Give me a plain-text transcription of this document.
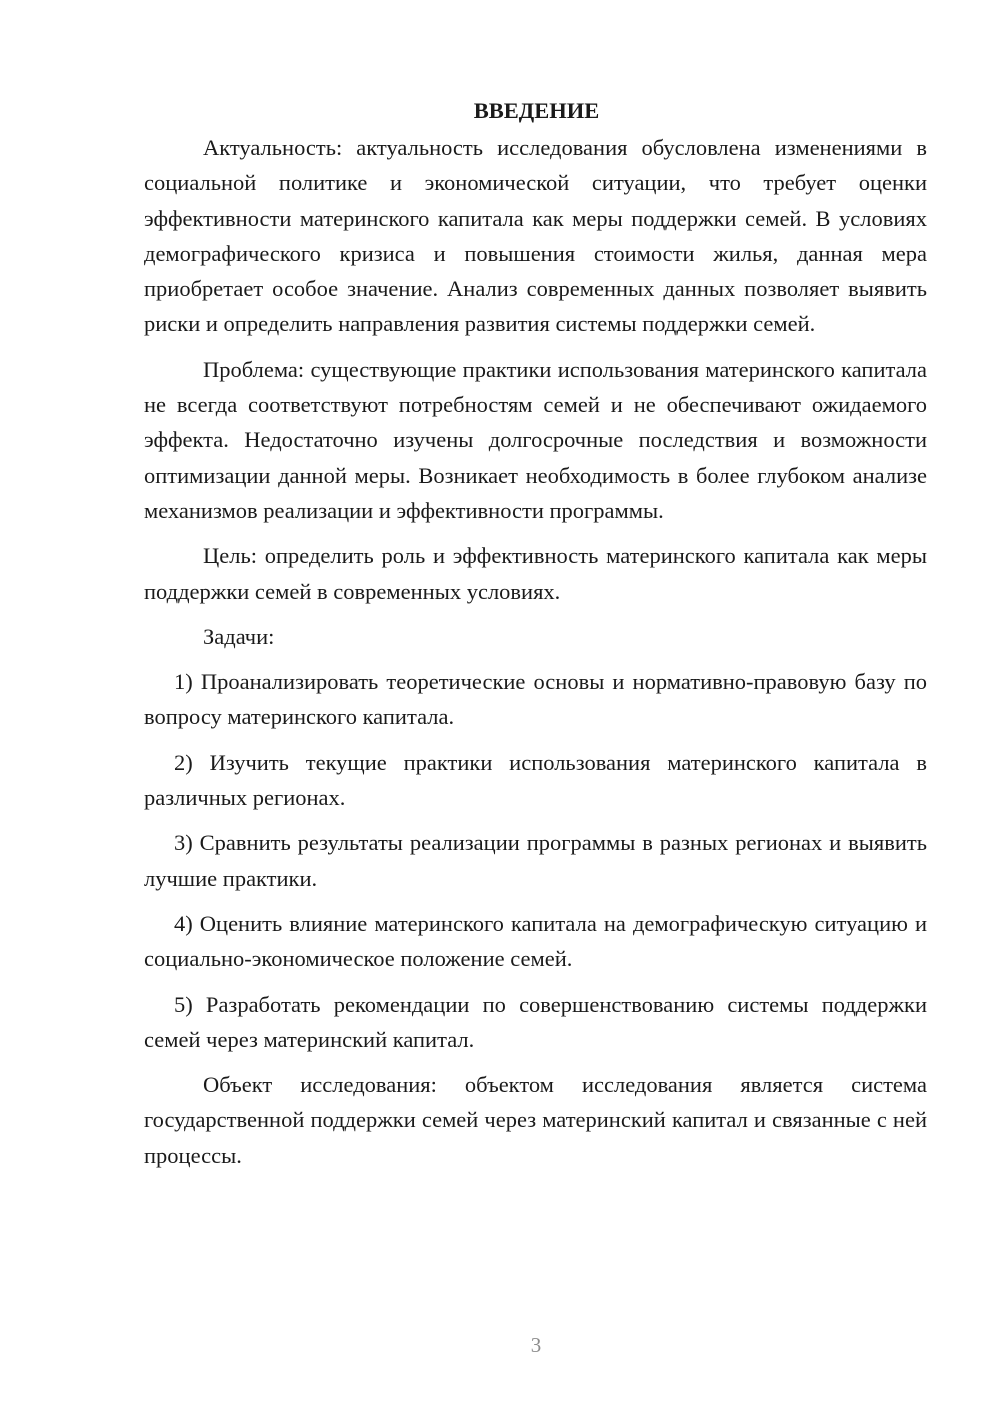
ВВЕДЕНИЕ

Актуальность: актуальность исследования обусловлена изменениями в социальной политике и экономической ситуации, что требует оценки эффективности материнского капитала как меры поддержки семей. В условиях демографического кризиса и повышения стоимости жилья, данная мера приобретает особое значение. Анализ современных данных позволяет выявить риски и определить направления развития системы поддержки семей.

Проблема: существующие практики использования материнского капитала не всегда соответствуют потребностям семей и не обеспечивают ожидаемого эффекта. Недостаточно изучены долгосрочные последствия и возможности оптимизации данной меры. Возникает необходимость в более глубоком анализе механизмов реализации и эффективности программы.

Цель: определить роль и эффективность материнского капитала как меры поддержки семей в современных условиях.

Задачи:

1) Проанализировать теоретические основы и нормативно-правовую базу по вопросу материнского капитала.

2) Изучить текущие практики использования материнского капитала в различных регионах.

3) Сравнить результаты реализации программы в разных регионах и выявить лучшие практики.

4) Оценить влияние материнского капитала на демографическую ситуацию и социально-экономическое положение семей.

5) Разработать рекомендации по совершенствованию системы поддержки семей через материнский капитал.

Объект исследования: объектом исследования является система государственной поддержки семей через материнский капитал и связанные с ней процессы.

3
